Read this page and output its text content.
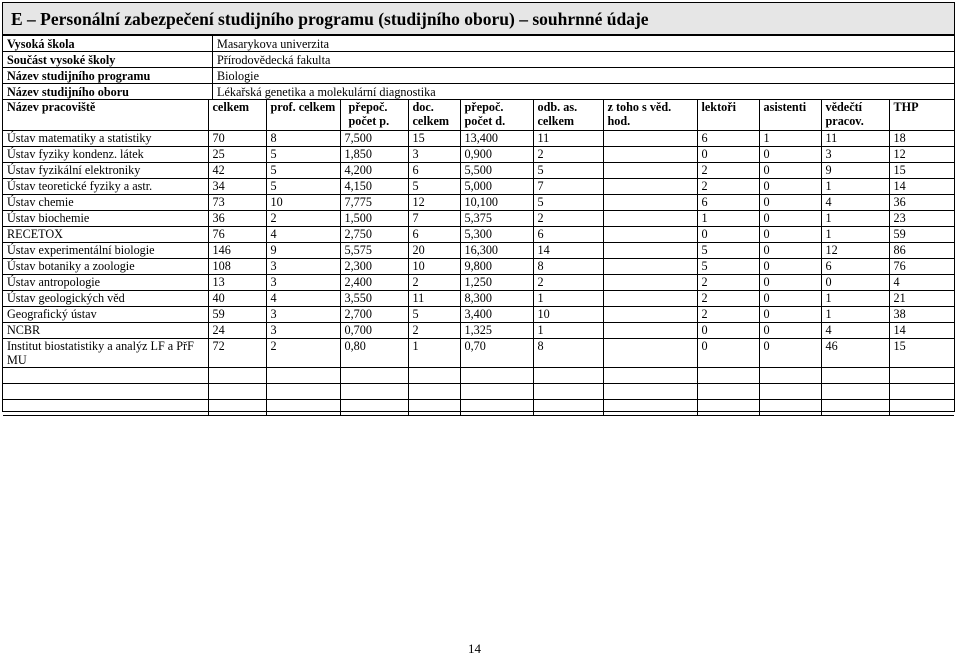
E – Personální zabezpečení studijního programu (studijního oboru) – souhrnné údaje
Vysoká škola	Masarykova univerzita
Součást vysoké školy	Přírodovědecká fakulta
Název studijního programu	Biologie
Název studijního oboru	Lékařská genetika a molekulární diagnostika
Název pracoviště	celkem	prof. celkem	přepoč. počet p.	doc. celkem	přepoč. počet d.	odb. as. celkem	z toho s věd. hod.	lektoři	asistenti	vědečtí pracov.	THP
Ústav matematiky a statistiky	70	8	7,500	15	13,400	11		6	1	11	18
Ústav fyziky kondenz. látek	25	5	1,850	3	0,900	2		0	0	3	12
Ústav fyzikální elektroniky	42	5	4,200	6	5,500	5		2	0	9	15
Ústav teoretické fyziky a astr.	34	5	4,150	5	5,000	7		2	0	1	14
Ústav chemie	73	10	7,775	12	10,100	5		6	0	4	36
Ústav biochemie	36	2	1,500	7	5,375	2		1	0	1	23
RECETOX	76	4	2,750	6	5,300	6		0	0	1	59
Ústav experimentální biologie	146	9	5,575	20	16,300	14		5	0	12	86
Ústav botaniky a zoologie	108	3	2,300	10	9,800	8		5	0	6	76
Ústav antropologie	13	3	2,400	2	1,250	2		2	0	0	4
Ústav geologických věd	40	4	3,550	11	8,300	1		2	0	1	21
Geografický ústav	59	3	2,700	5	3,400	10		2	0	1	38
NCBR	24	3	0,700	2	1,325	1		0	0	4	14
Institut biostatistiky a analýz LF a PřF MU	72	2	0,80	1	0,70	8		0	0	46	15

14
